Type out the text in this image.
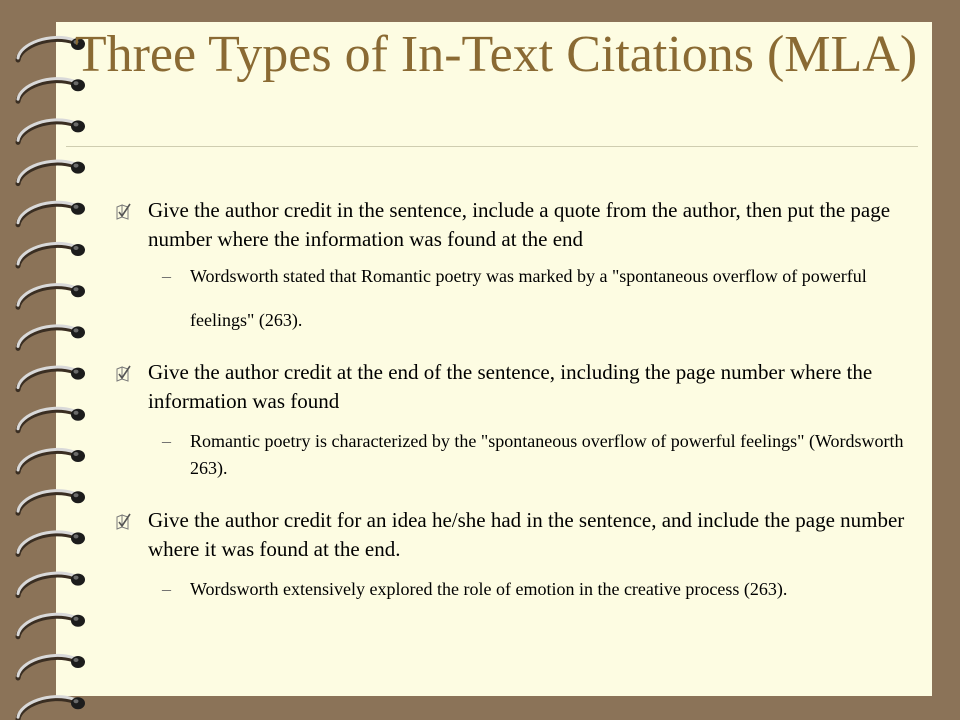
Three Types of In-Text Citations (MLA)
Give the author credit in the sentence, include a quote from the author, then put the page number where the information was found at the end
– Wordsworth stated that Romantic poetry was marked by a "spontaneous overflow of powerful feelings" (263).
Give the author credit at the end of the sentence, including the page number where the information was found
– Romantic poetry is characterized by the "spontaneous overflow of powerful feelings" (Wordsworth 263).
Give the author credit for an idea he/she had in the sentence, and include the page number where it was found at the end.
– Wordsworth extensively explored the role of emotion in the creative process (263).
